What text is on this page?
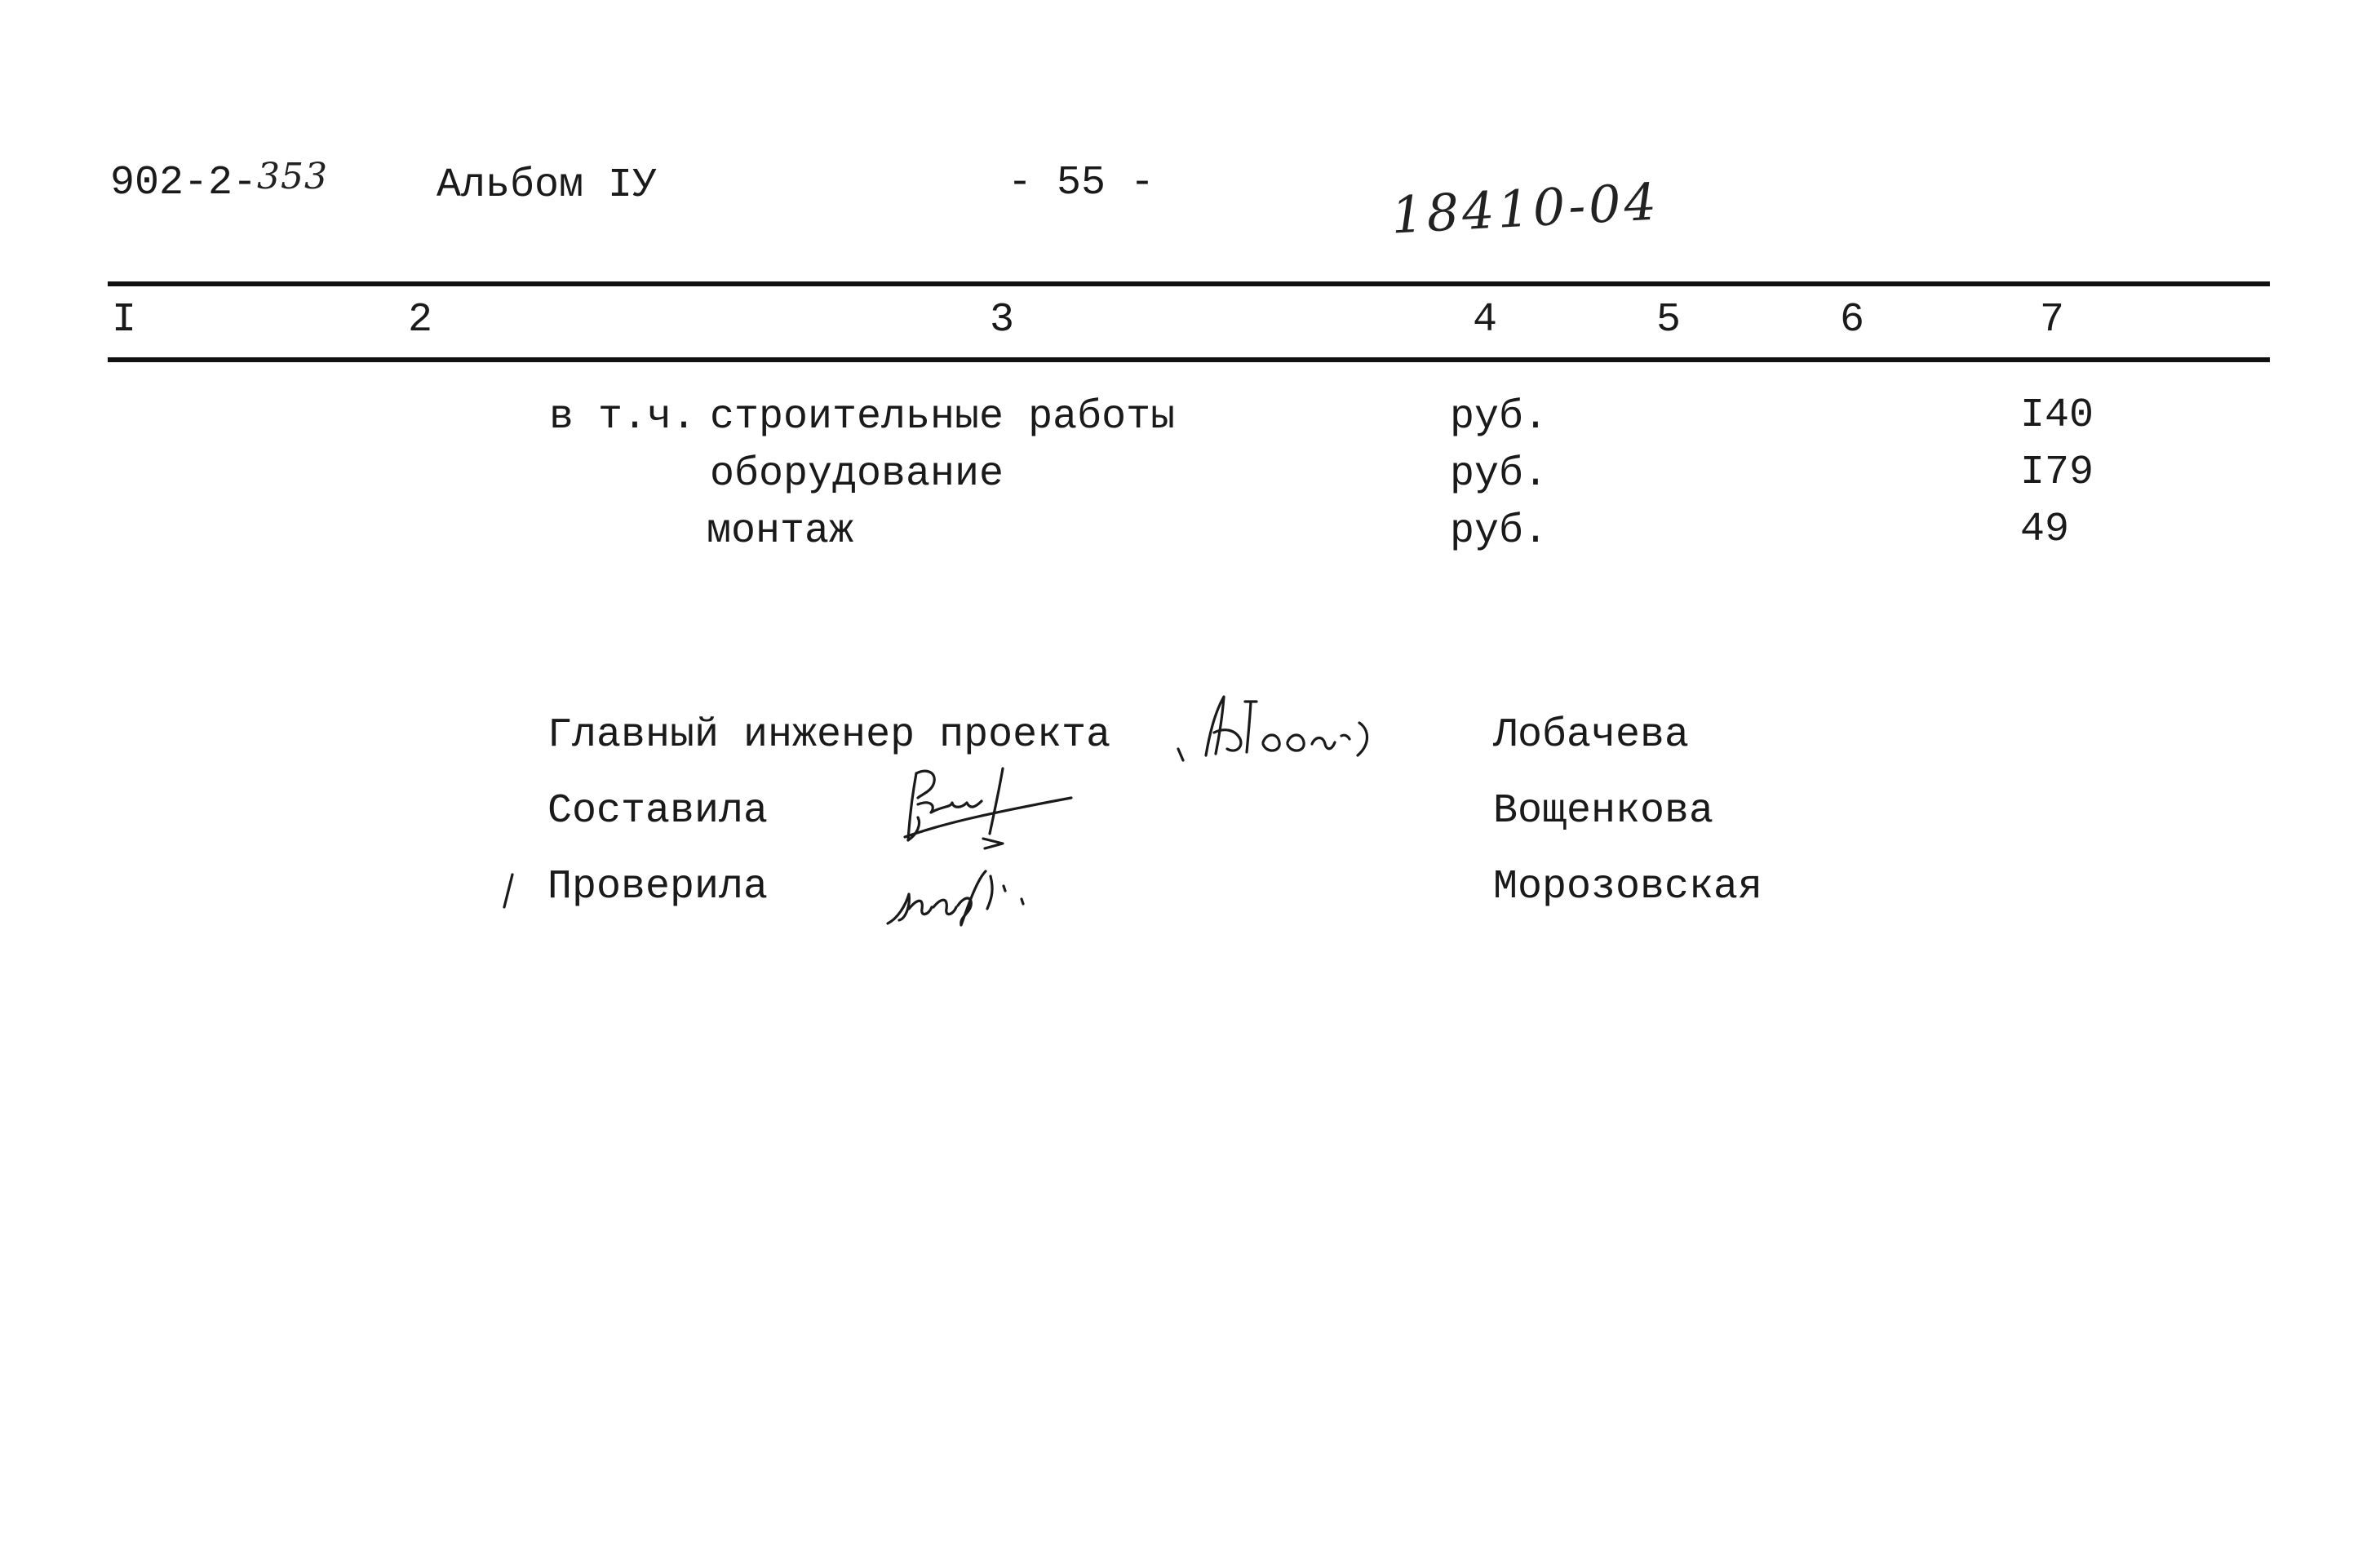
902-2-353	Альбом IУ	- 55 -	18410-04
I	2	3	4	5	6	7
в т.ч. строительные работы	руб.	I40
оборудование	руб.	I79
монтаж	руб.	49
Главный инженер проекта	Лобачева
Составила	Вощенкова
Проверила	Морозовская
